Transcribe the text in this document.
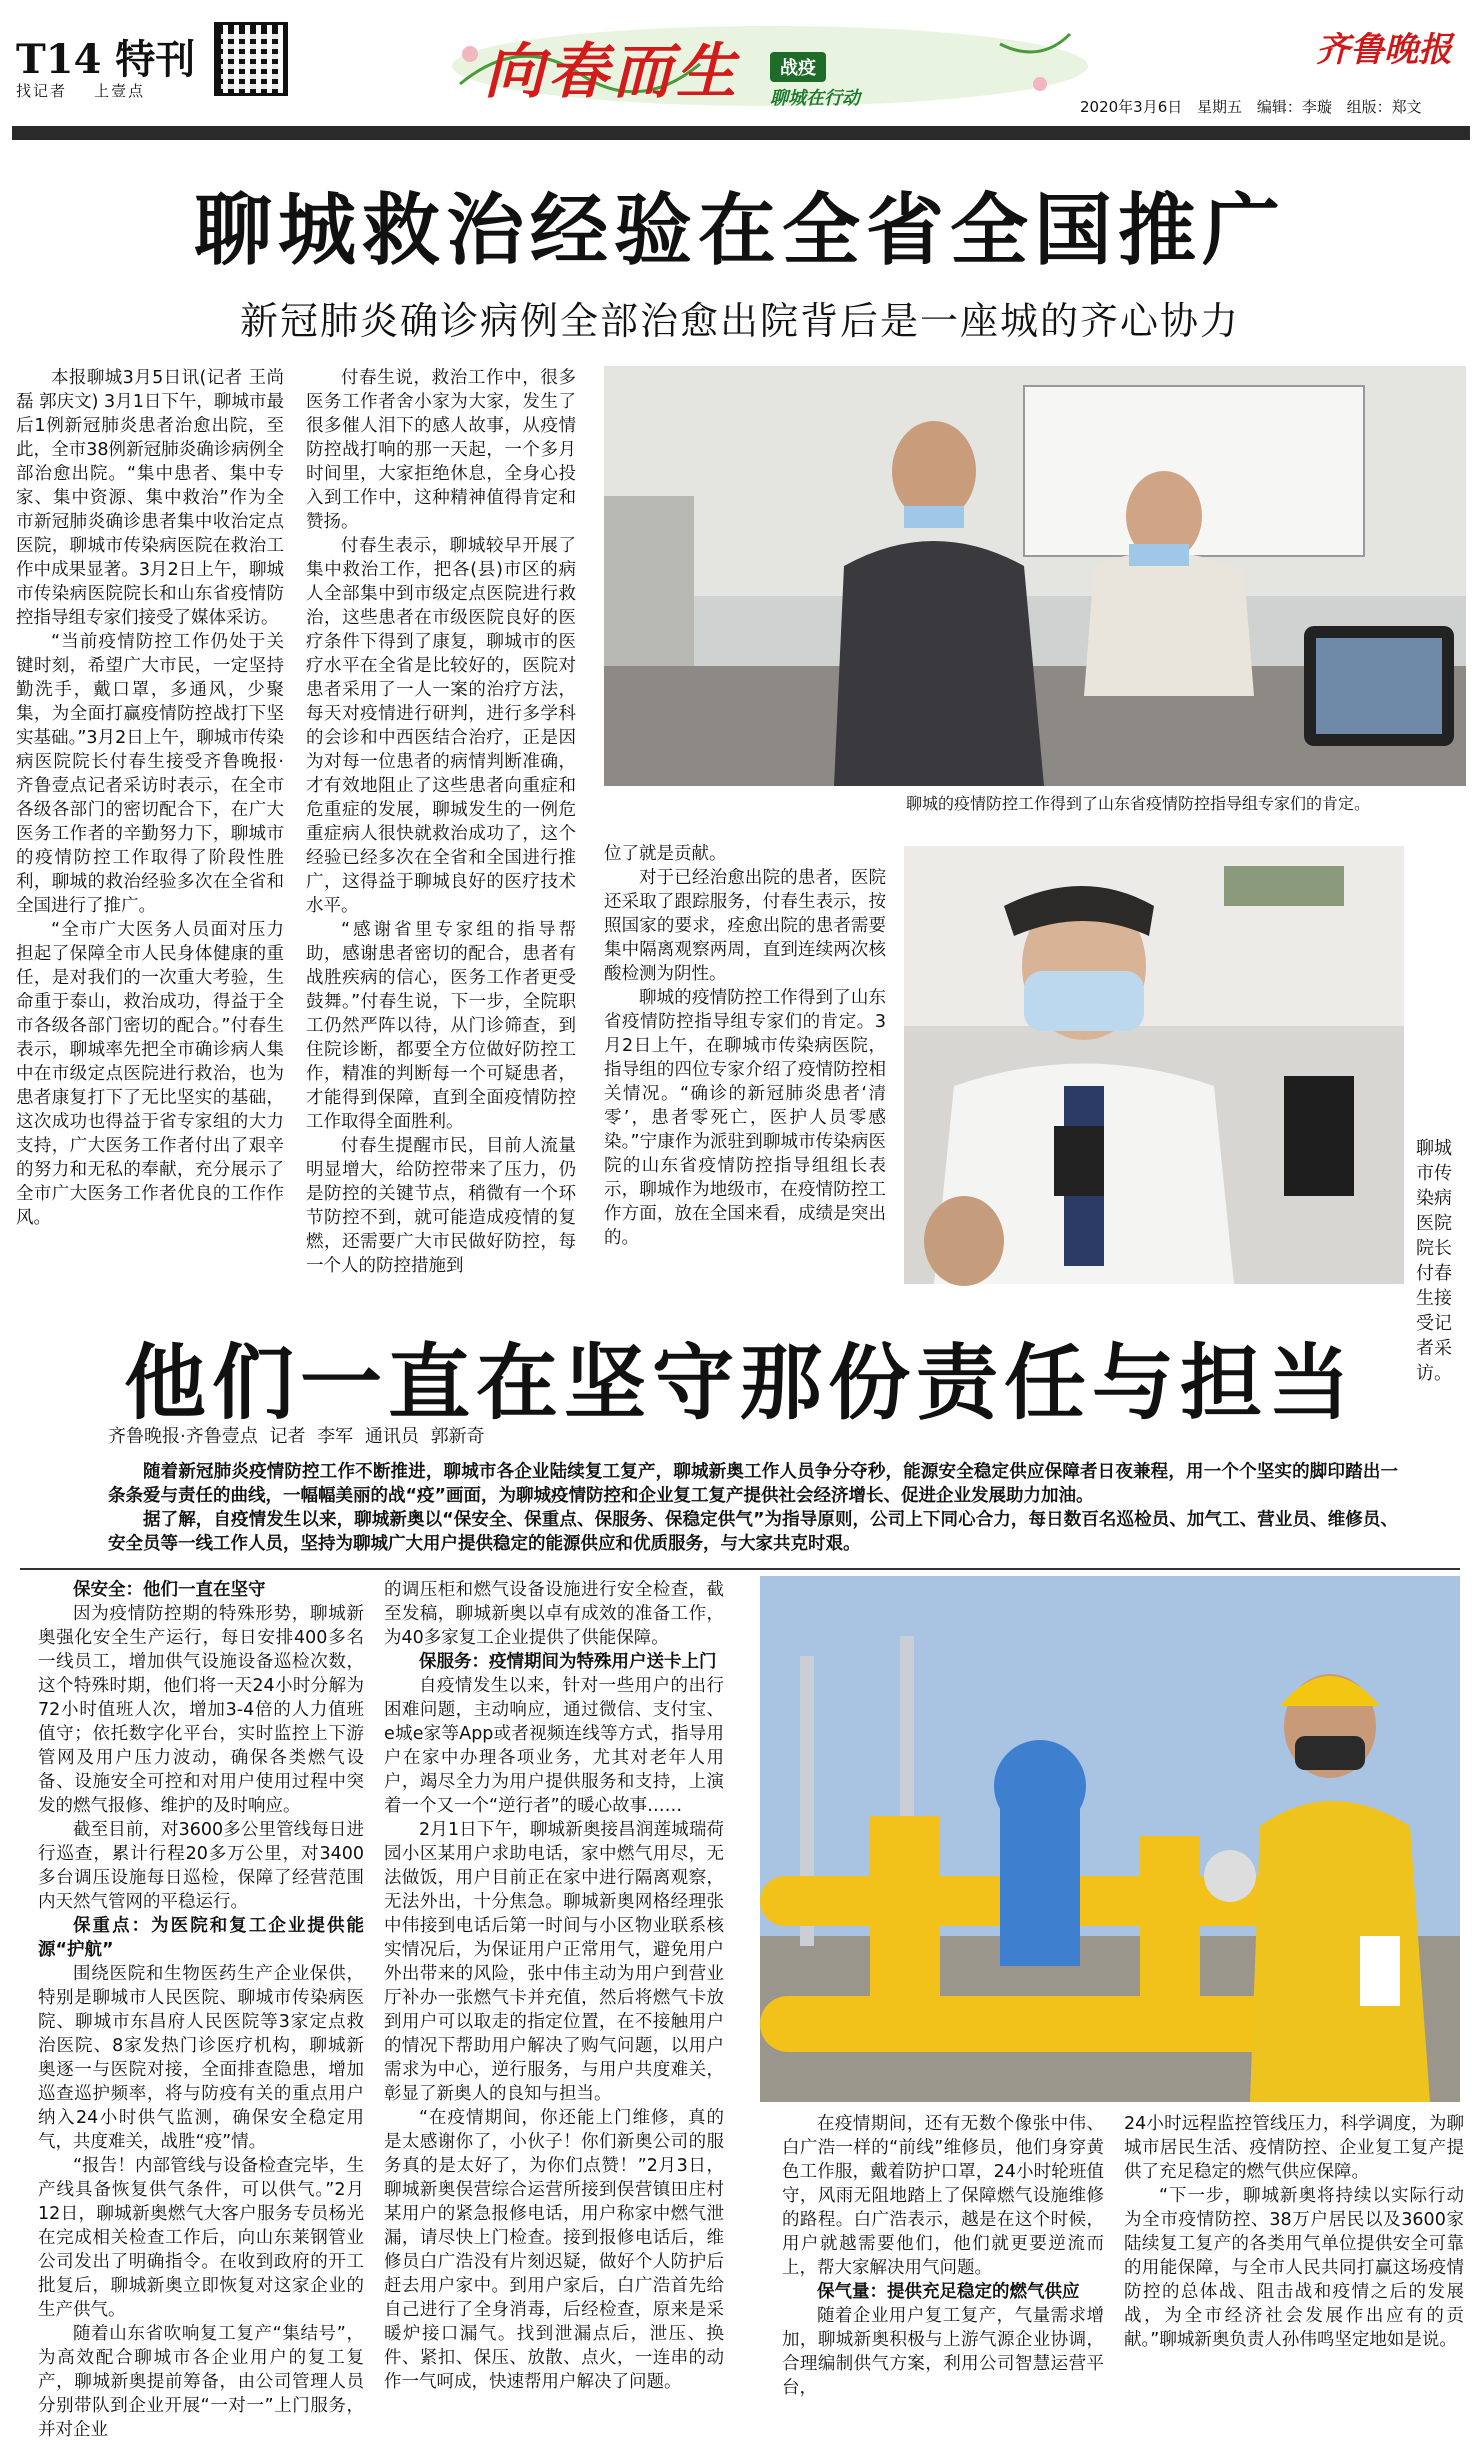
T14 特刊
找记者 上壹点	向春而生	战疫
聊城在行动
齐鲁晚报
2020年3月6日 星期五 编辑：李璇 组版：郑文
聊城救治经验在全省全国推广
新冠肺炎确诊病例全部治愈出院背后是一座城的齐心协力

本报聊城3月5日讯(记者 王尚磊 郭庆文) 3月1日下午，聊城市最后1例新冠肺炎患者治愈出院，至此，全市38例新冠肺炎确诊病例全部治愈出院。“集中患者、集中专家、集中资源、集中救治”作为全市新冠肺炎确诊患者集中收治定点医院，聊城市传染病医院在救治工作中成果显著。3月2日上午，聊城市传染病医院院长和山东省疫情防控指导组专家们接受了媒体采访。

“当前疫情防控工作仍处于关键时刻，希望广大市民，一定坚持勤洗手，戴口罩，多通风，少聚集，为全面打赢疫情防控战打下坚实基础。”3月2日上午，聊城市传染病医院院长付春生接受齐鲁晚报·齐鲁壹点记者采访时表示，在全市各级各部门的密切配合下，在广大医务工作者的辛勤努力下，聊城市的疫情防控工作取得了阶段性胜利，聊城的救治经验多次在全省和全国进行了推广。

“全市广大医务人员面对压力担起了保障全市人民身体健康的重任，是对我们的一次重大考验，生命重于泰山，救治成功，得益于全市各级各部门密切的配合。”付春生表示，聊城率先把全市确诊病人集中在市级定点医院进行救治，也为患者康复打下了无比坚实的基础，这次成功也得益于省专家组的大力支持，广大医务工作者付出了艰辛的努力和无私的奉献，充分展示了全市广大医务工作者优良的工作作风。

付春生说，救治工作中，很多医务工作者舍小家为大家，发生了很多催人泪下的感人故事，从疫情防控战打响的那一天起，一个多月时间里，大家拒绝休息，全身心投入到工作中，这种精神值得肯定和赞扬。

付春生表示，聊城较早开展了集中救治工作，把各(县)市区的病人全部集中到市级定点医院进行救治，这些患者在市级医院良好的医疗条件下得到了康复，聊城市的医疗水平在全省是比较好的，医院对患者采用了一人一案的治疗方法，每天对疫情进行研判，进行多学科的会诊和中西医结合治疗，正是因为对每一位患者的病情判断准确，才有效地阻止了这些患者向重症和危重症的发展，聊城发生的一例危重症病人很快就救治成功了，这个经验已经多次在全省和全国进行推广，这得益于聊城良好的医疗技术水平。

“感谢省里专家组的指导帮助，感谢患者密切的配合，患者有战胜疾病的信心，医务工作者更受鼓舞。”付春生说，下一步，全院职工仍然严阵以待，从门诊筛查，到住院诊断，都要全方位做好防控工作，精准的判断每一个可疑患者，才能得到保障，直到全面疫情防控工作取得全面胜利。

付春生提醒市民，目前人流量明显增大，给防控带来了压力，仍是防控的关键节点，稍微有一个环节防控不到，就可能造成疫情的复燃，还需要广大市民做好防控，每一个人的防控措施到

聊城的疫情防控工作得到了山东省疫情防控指导组专家们的肯定。

位了就是贡献。

对于已经治愈出院的患者，医院还采取了跟踪服务，付春生表示，按照国家的要求，痊愈出院的患者需要集中隔离观察两周，直到连续两次核酸检测为阴性。

聊城的疫情防控工作得到了山东省疫情防控指导组专家们的肯定。3月2日上午，在聊城市传染病医院，指导组的四位专家介绍了疫情防控相关情况。“确诊的新冠肺炎患者‘清零’，患者零死亡，医护人员零感染。”宁康作为派驻到聊城市传染病医院的山东省疫情防控指导组组长表示，聊城作为地级市，在疫情防控工作方面，放在全国来看，成绩是突出的。

聊城市传染病医院院长付春生接受记者采访。
他们一直在坚守那份责任与担当
齐鲁晚报·齐鲁壹点 记者 李军 通讯员 郭新奇

随着新冠肺炎疫情防控工作不断推进，聊城市各企业陆续复工复产，聊城新奥工作人员争分夺秒，能源安全稳定供应保障者日夜兼程，用一个个坚实的脚印踏出一条条爱与责任的曲线，一幅幅美丽的战“疫”画面，为聊城疫情防控和企业复工复产提供社会经济增长、促进企业发展助力加油。

据了解，自疫情发生以来，聊城新奥以“保安全、保重点、保服务、保稳定供气”为指导原则，公司上下同心合力，每日数百名巡检员、加气工、营业员、维修员、安全员等一线工作人员，坚持为聊城广大用户提供稳定的能源供应和优质服务，与大家共克时艰。

保安全：他们一直在坚守

因为疫情防控期的特殊形势，聊城新奥强化安全生产运行，每日安排400多名一线员工，增加供气设施设备巡检次数，这个特殊时期，他们将一天24小时分解为72小时值班人次，增加3-4倍的人力值班值守；依托数字化平台，实时监控上下游管网及用户压力波动，确保各类燃气设备、设施安全可控和对用户使用过程中突发的燃气报修、维护的及时响应。

截至目前，对3600多公里管线每日进行巡查，累计行程20多万公里，对3400多台调压设施每日巡检，保障了经营范围内天然气管网的平稳运行。

保重点：为医院和复工企业提供能源“护航”

围绕医院和生物医药生产企业保供，特别是聊城市人民医院、聊城市传染病医院、聊城市东昌府人民医院等3家定点救治医院、8家发热门诊医疗机构，聊城新奥逐一与医院对接，全面排查隐患，增加巡查巡护频率，将与防疫有关的重点用户纳入24小时供气监测，确保安全稳定用气，共度难关，战胜“疫”情。

“报告！内部管线与设备检查完毕，生产线具备恢复供气条件，可以供气。”2月12日，聊城新奥燃气大客户服务专员杨光在完成相关检查工作后，向山东莱钢管业公司发出了明确指令。在收到政府的开工批复后，聊城新奥立即恢复对这家企业的生产供气。

随着山东省吹响复工复产“集结号”，为高效配合聊城市各企业用户的复工复产，聊城新奥提前筹备，由公司管理人员分别带队到企业开展“一对一”上门服务，并对企业

的调压柜和燃气设备设施进行安全检查，截至发稿，聊城新奥以卓有成效的准备工作，为40多家复工企业提供了供能保障。

保服务：疫情期间为特殊用户送卡上门

自疫情发生以来，针对一些用户的出行困难问题，主动响应，通过微信、支付宝、e城e家等App或者视频连线等方式，指导用户在家中办理各项业务，尤其对老年人用户，竭尽全力为用户提供服务和支持，上演着一个又一个“逆行者”的暖心故事……

2月1日下午，聊城新奥接昌润莲城瑞荷园小区某用户求助电话，家中燃气用尽，无法做饭，用户目前正在家中进行隔离观察，无法外出，十分焦急。聊城新奥网格经理张中伟接到电话后第一时间与小区物业联系核实情况后，为保证用户正常用气，避免用户外出带来的风险，张中伟主动为用户到营业厅补办一张燃气卡并充值，然后将燃气卡放到用户可以取走的指定位置，在不接触用户的情况下帮助用户解决了购气问题，以用户需求为中心，逆行服务，与用户共度难关，彰显了新奥人的良知与担当。

“在疫情期间，你还能上门维修，真的是太感谢你了，小伙子！你们新奥公司的服务真的是太好了，为你们点赞！”2月3日，聊城新奥俣营综合运营所接到俣营镇田庄村某用户的紧急报修电话，用户称家中燃气泄漏，请尽快上门检查。接到报修电话后，维修员白广浩没有片刻迟疑，做好个人防护后赶去用户家中。到用户家后，白广浩首先给自己进行了全身消毒，后经检查，原来是采暖炉接口漏气。找到泄漏点后，泄压、换件、紧扣、保压、放散、点火，一连串的动作一气呵成，快速帮用户解决了问题。

在疫情期间，还有无数个像张中伟、白广浩一样的“前线”维修员，他们身穿黄色工作服，戴着防护口罩，24小时轮班值守，风雨无阻地踏上了保障燃气设施维修的路程。白广浩表示，越是在这个时候，用户就越需要他们，他们就更要逆流而上，帮大家解决用气问题。

保气量：提供充足稳定的燃气供应

随着企业用户复工复产，气量需求增加，聊城新奥积极与上游气源企业协调，合理编制供气方案，利用公司智慧运营平台，

24小时远程监控管线压力，科学调度，为聊城市居民生活、疫情防控、企业复工复产提供了充足稳定的燃气供应保障。

“下一步，聊城新奥将持续以实际行动为全市疫情防控、38万户居民以及3600家陆续复工复产的各类用气单位提供安全可靠的用能保障，与全市人民共同打赢这场疫情防控的总体战、阻击战和疫情之后的发展战，为全市经济社会发展作出应有的贡献。”聊城新奥负责人孙伟鸣坚定地如是说。
